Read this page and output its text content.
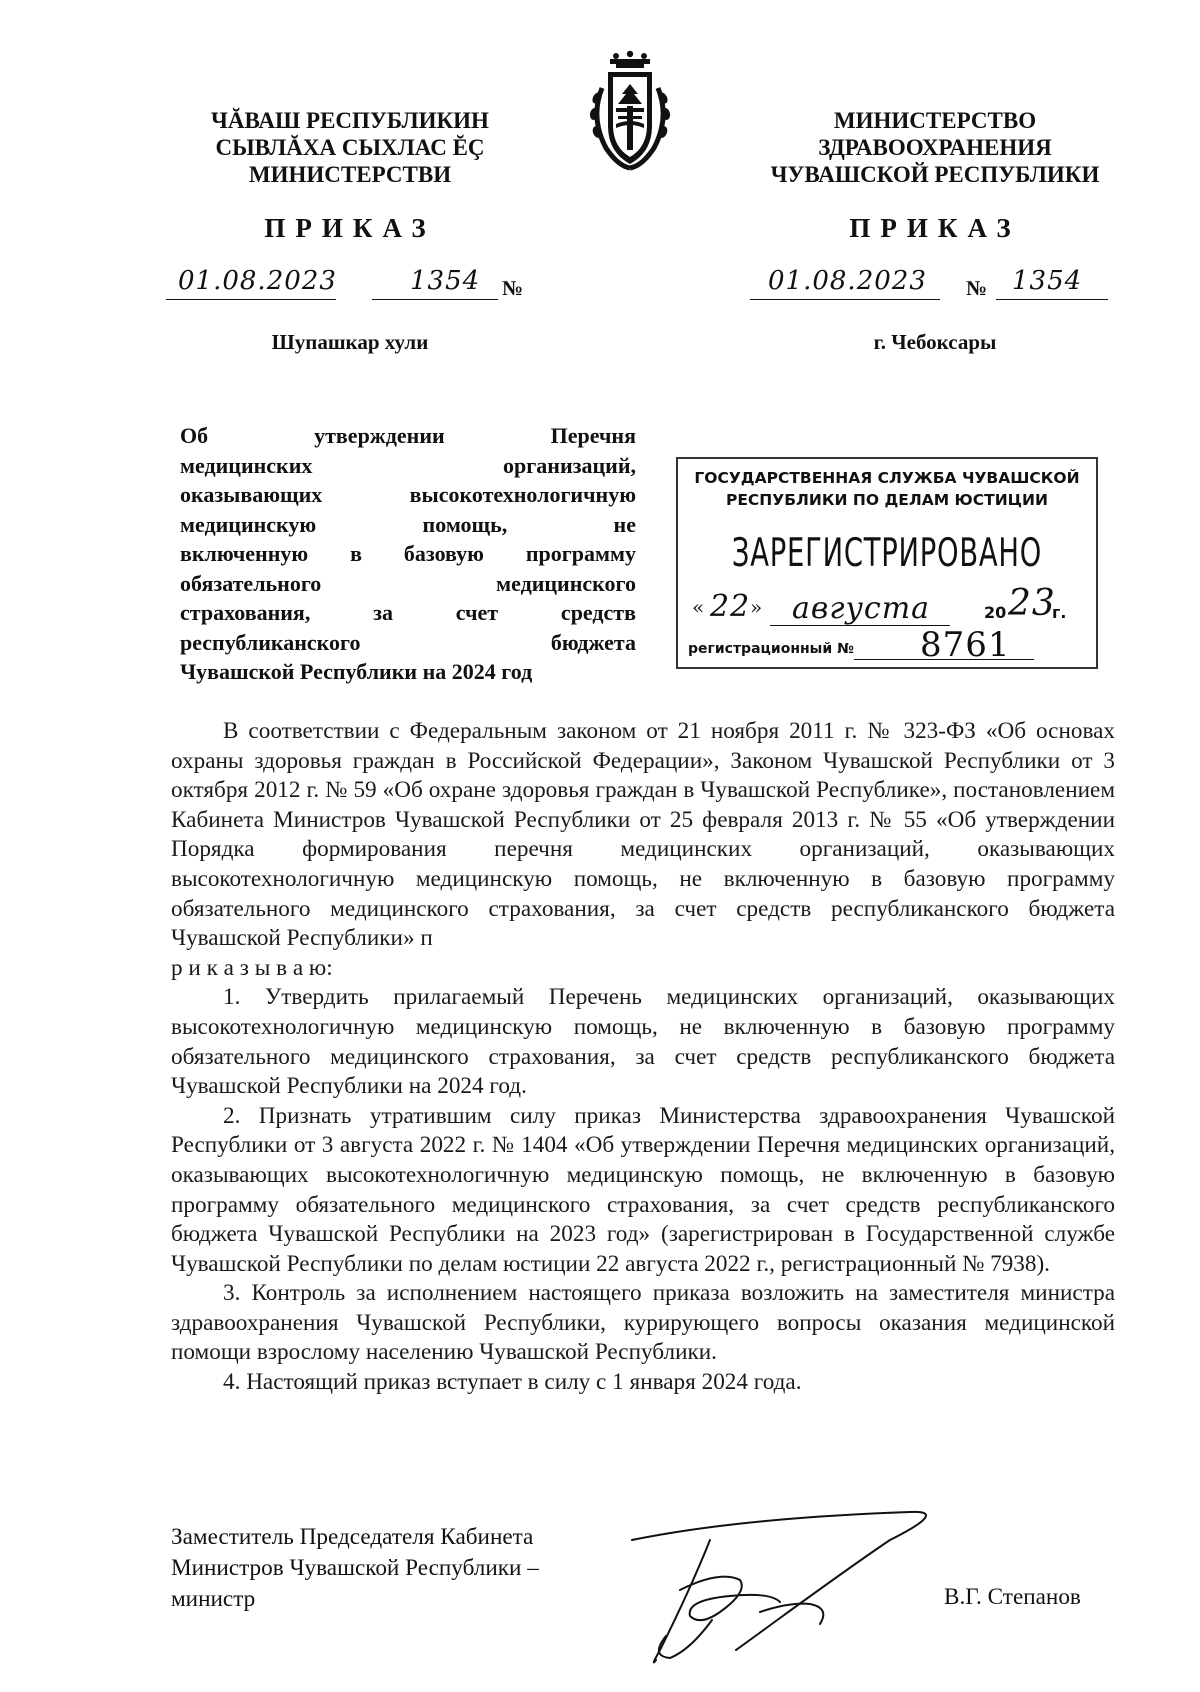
ЧĂВАШ РЕСПУБЛИКИН
СЫВЛĂХА СЫХЛАС ĔÇ
МИНИСТЕРСТВИ
МИНИСТЕРСТВО
ЗДРАВООХРАНЕНИЯ
ЧУВАШСКОЙ РЕСПУБЛИКИ
ПРИКАЗ	ПРИКАЗ
01.08.2023	1354 №	01.08.2023 № 1354
Шупашкар хули	г. Чебоксары
Об утверждении Перечня
медицинских организаций,
оказывающих высокотехнологичную
медицинскую помощь, не
включенную в базовую программу
обязательного медицинского
страхования, за счет средств
республиканского бюджета
Чувашской Республики на 2024 год
ГОСУДАРСТВЕННАЯ СЛУЖБА ЧУВАШСКОЙ
РЕСПУБЛИКИ ПО ДЕЛАМ ЮСТИЦИИ
ЗАРЕГИСТРИРОВАНО
« 22 » августа	20 23
г.
регистрационный № 8761

В соответствии с Федеральным законом от 21 ноября 2011 г. № 323-ФЗ «Об основах охраны здоровья граждан в Российской Федерации», Законом Чувашской Республики от 3 октября 2012 г. № 59 «Об охране здоровья граждан в Чувашской Республике», постановлением Кабинета Министров Чувашской Республики от 25 февраля 2013 г. № 55 «Об утверждении Порядка формирования перечня медицинских организаций, оказывающих высокотехнологичную медицинскую помощь, не включенную в базовую программу обязательного медицинского страхования, за счет средств республиканского бюджета Чувашской Республики» п

р и к а з ы в а ю:

1. Утвердить прилагаемый Перечень медицинских организаций, оказывающих высокотехнологичную медицинскую помощь, не включенную в базовую программу обязательного медицинского страхования, за счет средств республиканского бюджета Чувашской Республики на 2024 год.

2. Признать утратившим силу приказ Министерства здравоохранения Чувашской Республики от 3 августа 2022 г. № 1404 «Об утверждении Перечня медицинских организаций, оказывающих высокотехнологичную медицинскую помощь, не включенную в базовую программу обязательного медицинского страхования, за счет средств республиканского бюджета Чувашской Республики на 2023 год» (зарегистрирован в Государственной службе Чувашской Республики по делам юстиции 22 августа 2022 г., регистрационный № 7938).

3. Контроль за исполнением настоящего приказа возложить на заместителя министра здравоохранения Чувашской Республики, курирующего вопросы оказания медицинской помощи взрослому населению Чувашской Республики.

4. Настоящий приказ вступает в силу с 1 января 2024 года.

Заместитель Председателя Кабинета
Министров Чувашской Республики –
министр	В.Г. Степанов
